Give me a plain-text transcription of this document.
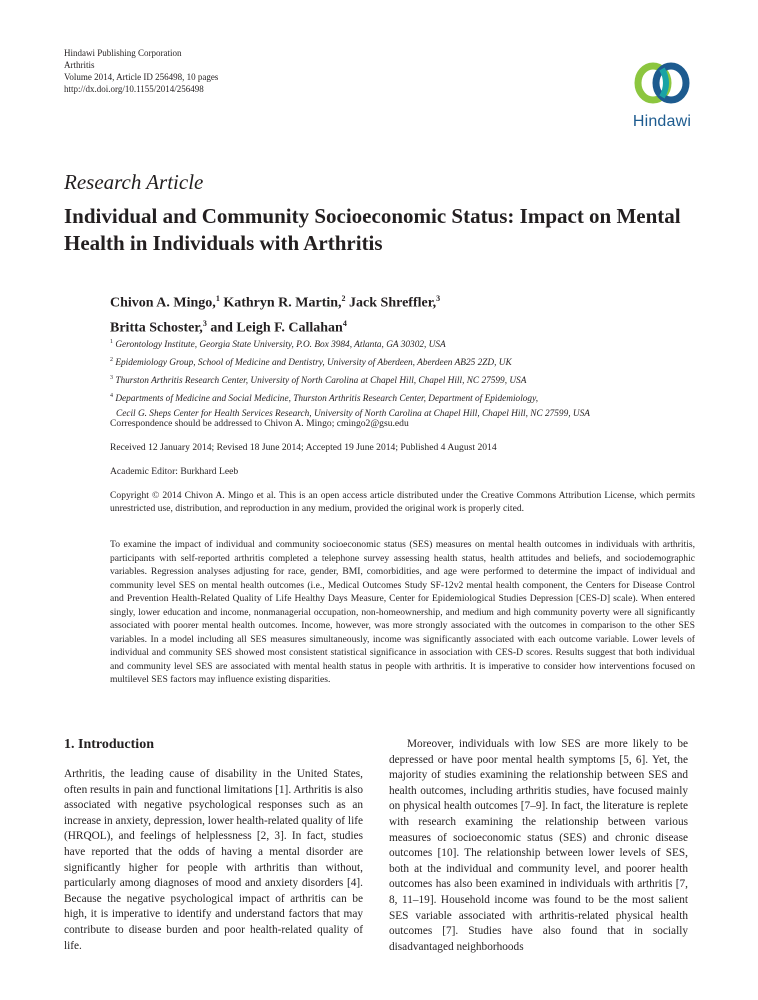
Hindawi Publishing Corporation
Arthritis
Volume 2014, Article ID 256498, 10 pages
http://dx.doi.org/10.1155/2014/256498
Hindawi
Research Article
Individual and Community Socioeconomic Status: Impact on Mental Health in Individuals with Arthritis
Chivon A. Mingo,$^1$ Kathryn R. Martin,$^2$ Jack Shreffler,$^3$
Britta Schoster,$^3$ and Leigh F. Callahan$^4$
$^1$ Gerontology Institute, Georgia State University, P.O. Box 3984, Atlanta, GA 30302, USA
$^2$ Epidemiology Group, School of Medicine and Dentistry, University of Aberdeen, Aberdeen AB25 2ZD, UK
$^3$ Thurston Arthritis Research Center, University of North Carolina at Chapel Hill, Chapel Hill, NC 27599, USA
$^4$ Departments of Medicine and Social Medicine, Thurston Arthritis Research Center, Department of Epidemiology,
Cecil G. Sheps Center for Health Services Research, University of North Carolina at Chapel Hill, Chapel Hill, NC 27599, USA
Correspondence should be addressed to Chivon A. Mingo; cmingo2@gsu.edu
Received 12 January 2014; Revised 18 June 2014; Accepted 19 June 2014; Published 4 August 2014
Academic Editor: Burkhard Leeb
Copyright © 2014 Chivon A. Mingo et al. This is an open access article distributed under the Creative Commons Attribution License, which permits unrestricted use, distribution, and reproduction in any medium, provided the original work is properly cited.
To examine the impact of individual and community socioeconomic status (SES) measures on mental health outcomes in individuals with arthritis, participants with self-reported arthritis completed a telephone survey assessing health status, health attitudes and beliefs, and sociodemographic variables. Regression analyses adjusting for race, gender, BMI, comorbidities, and age were performed to determine the impact of individual and community level SES on mental health outcomes (i.e., Medical Outcomes Study SF-12v2 mental health component, the Centers for Disease Control and Prevention Health-Related Quality of Life Healthy Days Measure, Center for Epidemiological Studies Depression [CES-D] scale). When entered singly, lower education and income, nonmanagerial occupation, non-homeownership, and medium and high community poverty were all significantly associated with poorer mental health outcomes. Income, however, was more strongly associated with the outcomes in comparison to the other SES variables. In a model including all SES measures simultaneously, income was significantly associated with each outcome variable. Lower levels of individual and community SES showed most consistent statistical significance in association with CES-D scores. Results suggest that both individual and community level SES are associated with mental health status in people with arthritis. It is imperative to consider how interventions focused on multilevel SES factors may influence existing disparities.
1. Introduction
Arthritis, the leading cause of disability in the United States, often results in pain and functional limitations [1]. Arthritis is also associated with negative psychological responses such as an increase in anxiety, depression, lower health-related quality of life (HRQOL), and feelings of helplessness [2, 3]. In fact, studies have reported that the odds of having a mental disorder are significantly higher for people with arthritis than without, particularly among diagnoses of mood and anxiety disorders [4]. Because the negative psychological impact of arthritis can be high, it is imperative to identify and understand factors that may contribute to disease burden and poor health-related quality of life.
Moreover, individuals with low SES are more likely to be depressed or have poor mental health symptoms [5, 6]. Yet, the majority of studies examining the relationship between SES and health outcomes, including arthritis studies, have focused mainly on physical health outcomes [7–9]. In fact, the literature is replete with research examining the relationship between various measures of socioeconomic status (SES) and chronic disease outcomes [10]. The relationship between lower levels of SES, both at the individual and community level, and poorer health outcomes has also been examined in individuals with arthritis [7, 8, 11–19]. Household income was found to be the most salient SES variable associated with arthritis-related physical health outcomes [7]. Studies have also found that in socially disadvantaged neighborhoods
